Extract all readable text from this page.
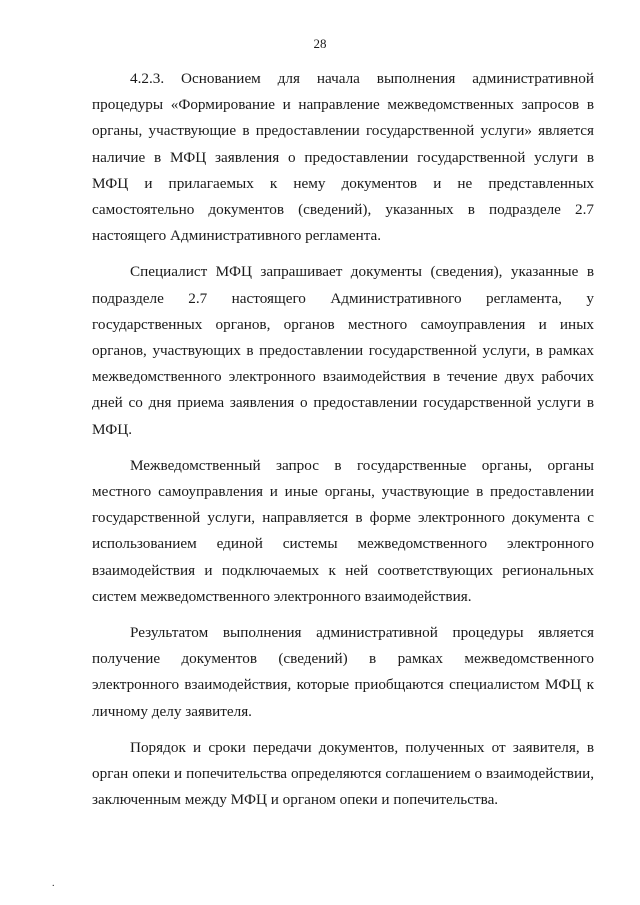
28

4.2.3. Основанием для начала выполнения административной процедуры «Формирование и направление межведомственных запросов в органы, участвующие в предоставлении государственной услуги» является наличие в МФЦ заявления о предоставлении государственной услуги в МФЦ и прилагаемых к нему документов и не представленных самостоятельно документов (сведений), указанных в подразделе 2.7 настоящего Административного регламента.

Специалист МФЦ запрашивает документы (сведения), указанные в подразделе 2.7 настоящего Административного регламента, у государственных органов, органов местного самоуправления и иных органов, участвующих в предоставлении государственной услуги, в рамках межведомственного электронного взаимодействия в течение двух рабочих дней со дня приема заявления о предоставлении государственной услуги в МФЦ.

Межведомственный запрос в государственные органы, органы местного самоуправления и иные органы, участвующие в предоставлении государственной услуги, направляется в форме электронного документа с использованием единой системы межведомственного электронного взаимодействия и подключаемых к ней соответствующих региональных систем межведомственного электронного взаимодействия.

Результатом выполнения административной процедуры является получение документов (сведений) в рамках межведомственного электронного взаимодействия, которые приобщаются специалистом МФЦ к личному делу заявителя.

Порядок и сроки передачи документов, полученных от заявителя, в орган опеки и попечительства определяются соглашением о взаимодействии, заключенным между МФЦ и органом опеки и попечительства.

.
